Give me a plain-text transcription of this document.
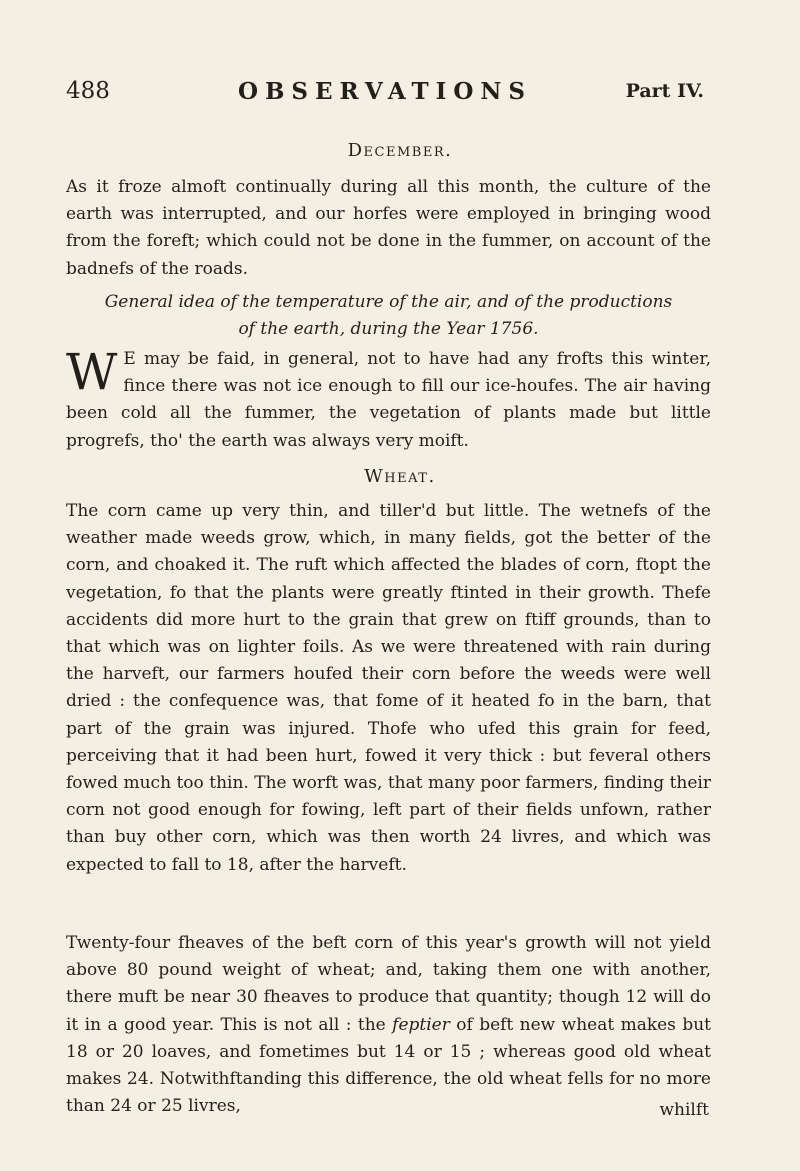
488	OBSERVATIONS	Part IV.
December.

As it froze almoft continually during all this month, the culture of the earth was interrupted, and our horfes were employed in bringing wood from the foreft; which could not be done in the fummer, on account of the badnefs of the roads.

General idea of the temperature of the air, and of the productions
of the earth, during the Year 1756.

W E may be faid, in general, not to have had any frofts this winter, fince there was not ice enough to fill our ice-houfes. The air having been cold all the fummer, the vegetation of plants made but little progrefs, tho' the earth was always very moift.

Wheat.

The corn came up very thin, and tiller'd but little. The wetnefs of the weather made weeds grow, which, in many fields, got the better of the corn, and choaked it. The ruft which affected the blades of corn, ftopt the vegetation, fo that the plants were greatly ftinted in their growth. Thefe accidents did more hurt to the grain that grew on ftiff grounds, than to that which was on lighter foils. As we were threatened with rain during the harveft, our farmers houfed their corn before the weeds were well dried : the confequence was, that fome of it heated fo in the barn, that part of the grain was injured. Thofe who ufed this grain for feed, perceiving that it had been hurt, fowed it very thick : but feveral others fowed much too thin. The worft was, that many poor farmers, finding their corn not good enough for fowing, left part of their fields unfown, rather than buy other corn, which was then worth 24 livres, and which was expected to fall to 18, after the harveft.

Twenty-four fheaves of the beft corn of this year's growth will not yield above 80 pound weight of wheat; and, taking them one with another, there muft be near 30 fheaves to produce that quantity; though 12 will do it in a good year. This is not all : the feptier of beft new wheat makes but 18 or 20 loaves, and fometimes but 14 or 15 ; whereas good old wheat makes 24. Notwithftanding this difference, the old wheat fells for no more than 24 or 25 livres,	whilft
